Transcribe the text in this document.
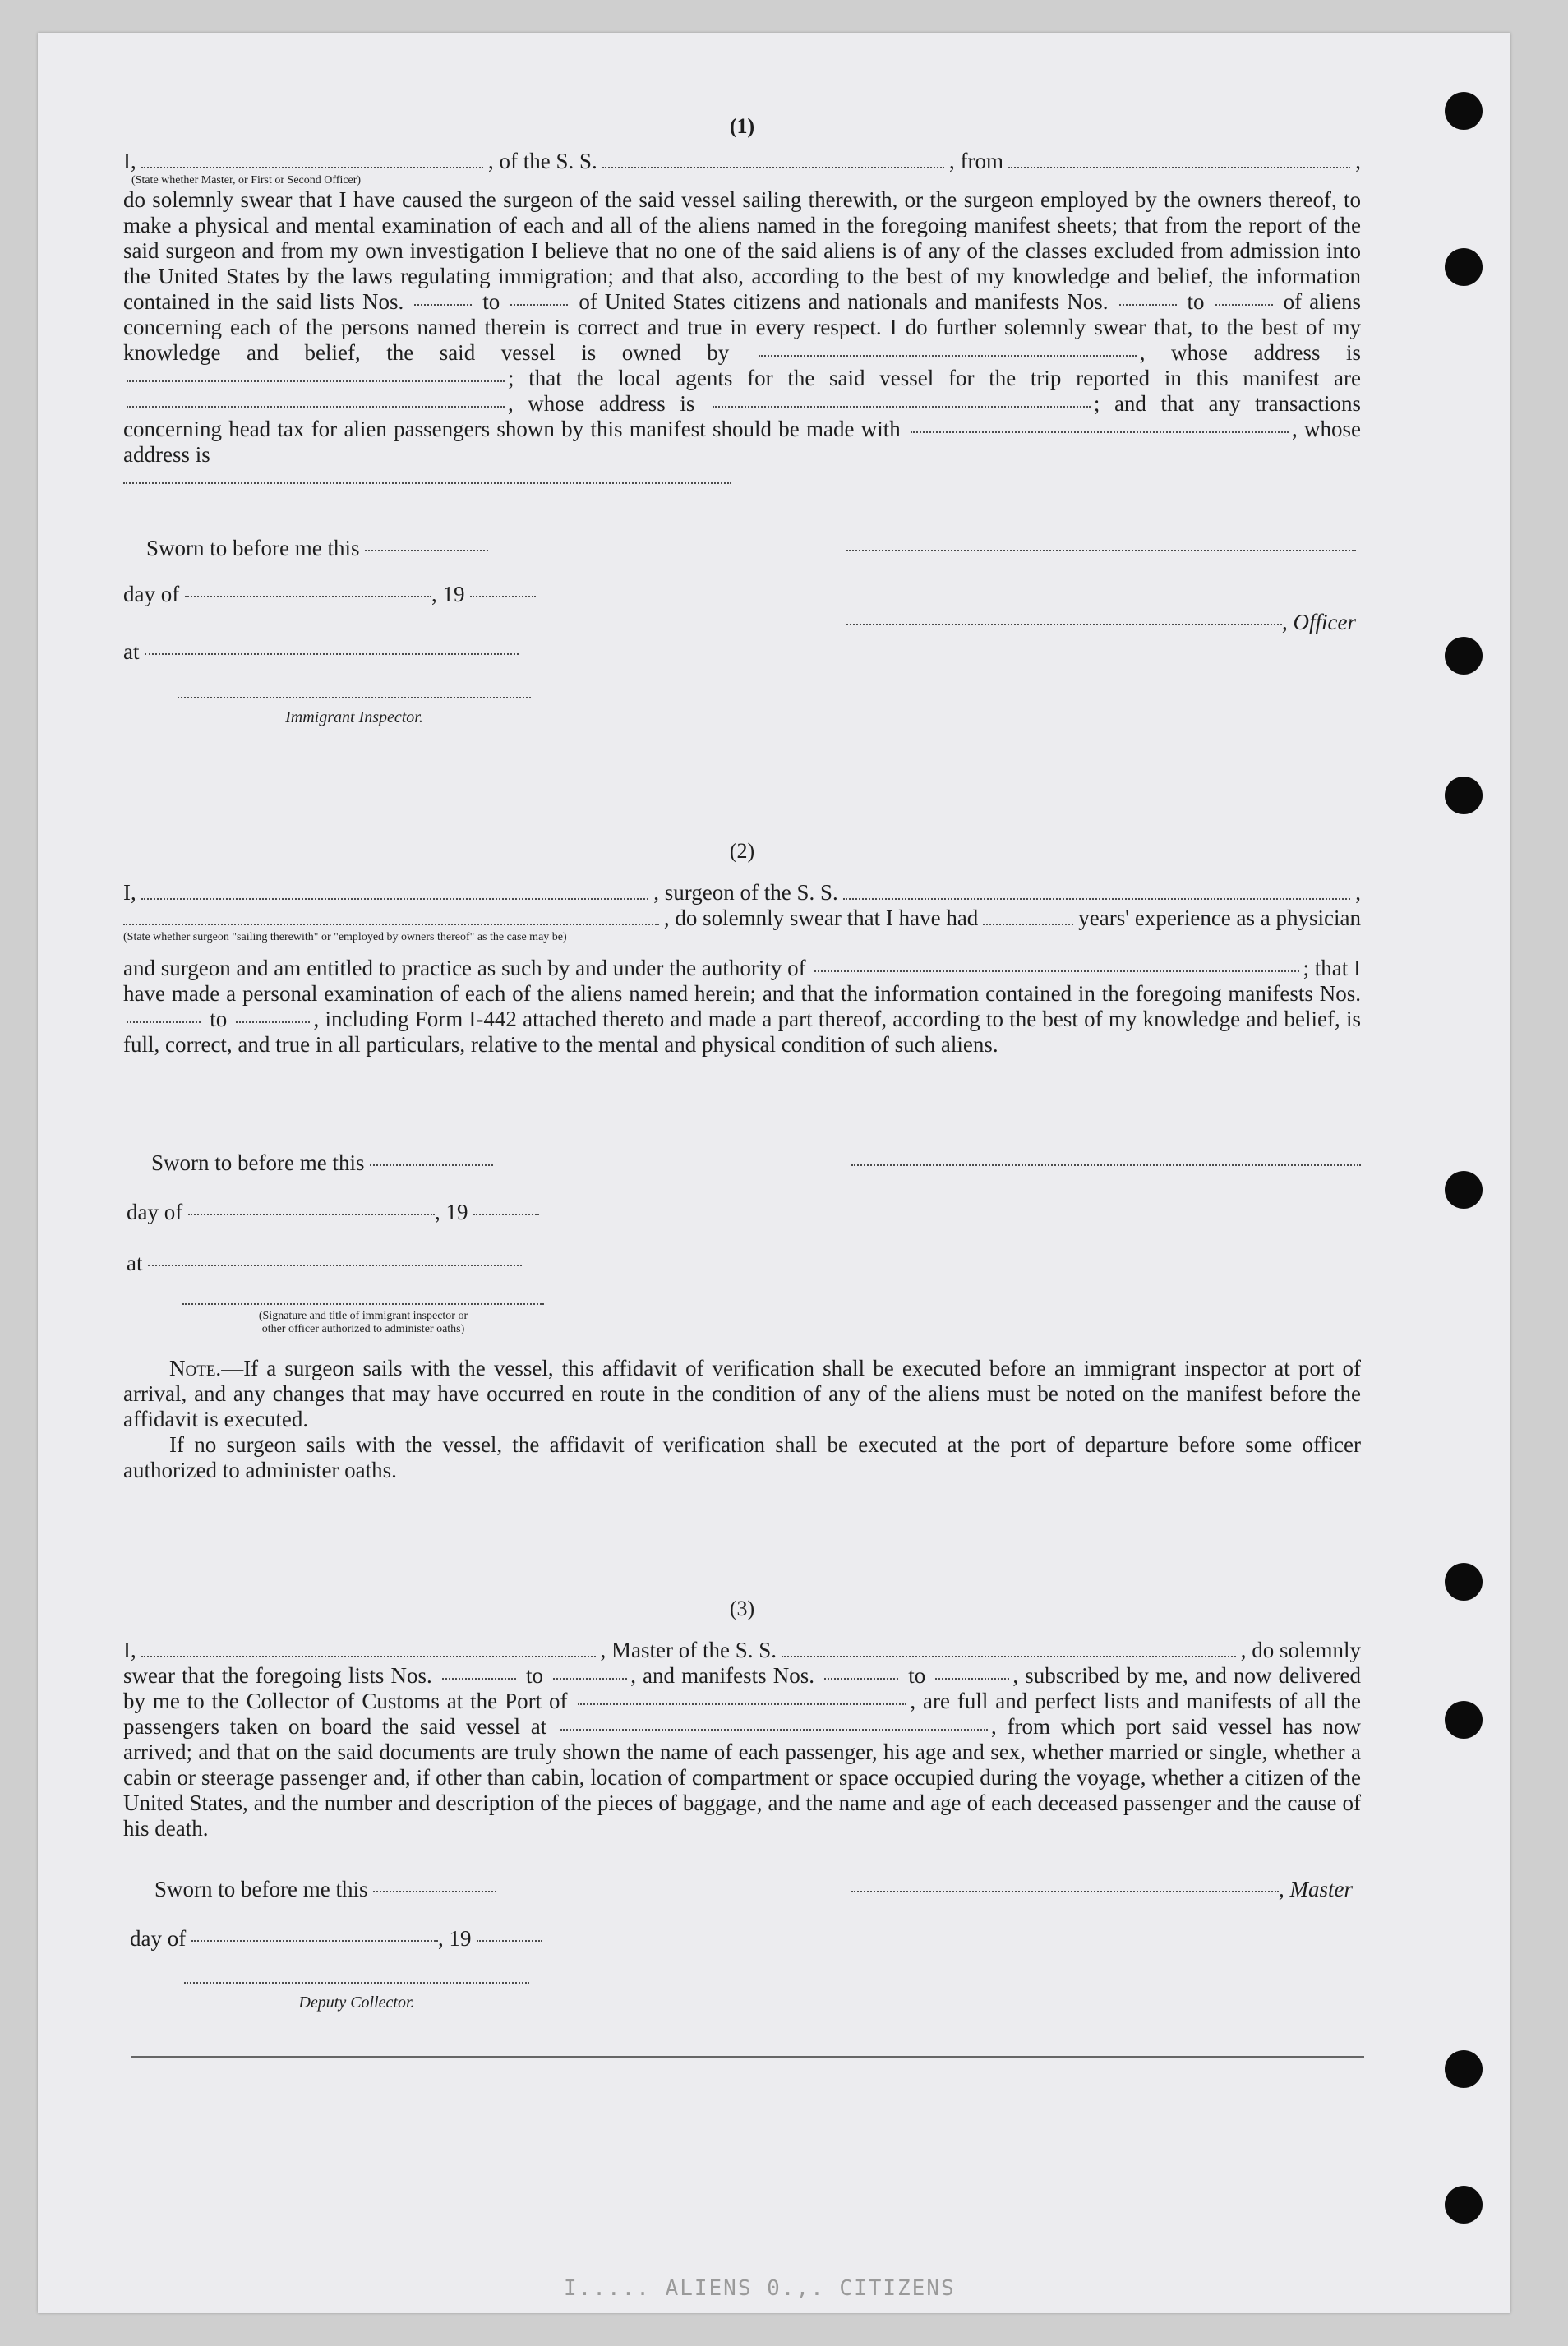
(1)
I,	, of the S. S.	, from	,
(State whether Master, or First or Second Officer)
do solemnly swear that I have caused the surgeon of the said vessel sailing therewith, or the surgeon employed by the owners thereof, to make a physical and mental examination of each and all of the aliens named in the foregoing manifest sheets; that from the report of the said surgeon and from my own investigation I believe that no one of the said aliens is of any of the classes excluded from admission into the United States by the laws regulating immigration; and that also, according to the best of my knowledge and belief, the information contained in the said lists Nos.	to	of United States citizens and nationals and manifests Nos.	to	of aliens concerning each of the persons named therein is correct and true in every respect. I do further solemnly swear that, to the best of my knowledge and belief, the said vessel is owned by	, whose address is ; that the local agents for the said vessel for the trip reported in this manifest are , whose address is	; and that any transactions concerning head tax for alien passengers shown by this manifest should be made with	, whose address is

Sworn to before me this
day of	, 19
, Officer
at
Immigrant Inspector.
(2)
I,	, surgeon of the S. S.	,
, do solemnly swear that I have had	years' experience as a physician
(State whether surgeon "sailing therewith" or "employed by owners thereof" as the case may be)
and surgeon and am entitled to practice as such by and under the authority of	; that I have made a personal examination of each of the aliens named herein; and that the information contained in the foregoing manifests Nos.  to	, including Form I-442 attached thereto and made a part thereof, according to the best of my knowledge and belief, is full, correct, and true in all particulars, relative to the mental and physical condition of such aliens.
Sworn to before me this
day of	, 19
at
(Signature and title of immigrant inspector or
other officer authorized to administer oaths)
Note.—If a surgeon sails with the vessel, this affidavit of verification shall be executed before an immigrant inspector at port of arrival, and any changes that may have occurred en route in the condition of any of the aliens must be noted on the manifest before the affidavit is executed.
If no surgeon sails with the vessel, the affidavit of verification shall be executed at the port of departure before some officer authorized to administer oaths.
(3)
I,	, Master of the S. S.	, do solemnly
swear that the foregoing lists Nos.	to	, and manifests Nos.	to	, subscribed by me, and now delivered by me to the Collector of Customs at the Port of	, are full and perfect lists and manifests of all the passengers taken on board the said vessel at	, from which port said vessel has now arrived; and that on the said documents are truly shown the name of each passenger, his age and sex, whether married or single, whether a cabin or steerage passenger and, if other than cabin, location of compartment or space occupied during the voyage, whether a citizen of the United States, and the number and description of the pieces of baggage, and the name and age of each deceased passenger and the cause of his death.
Sworn to before me this	, Master
day of	, 19
Deputy Collector.
I..... ALIENS 0.,. CITIZENS
